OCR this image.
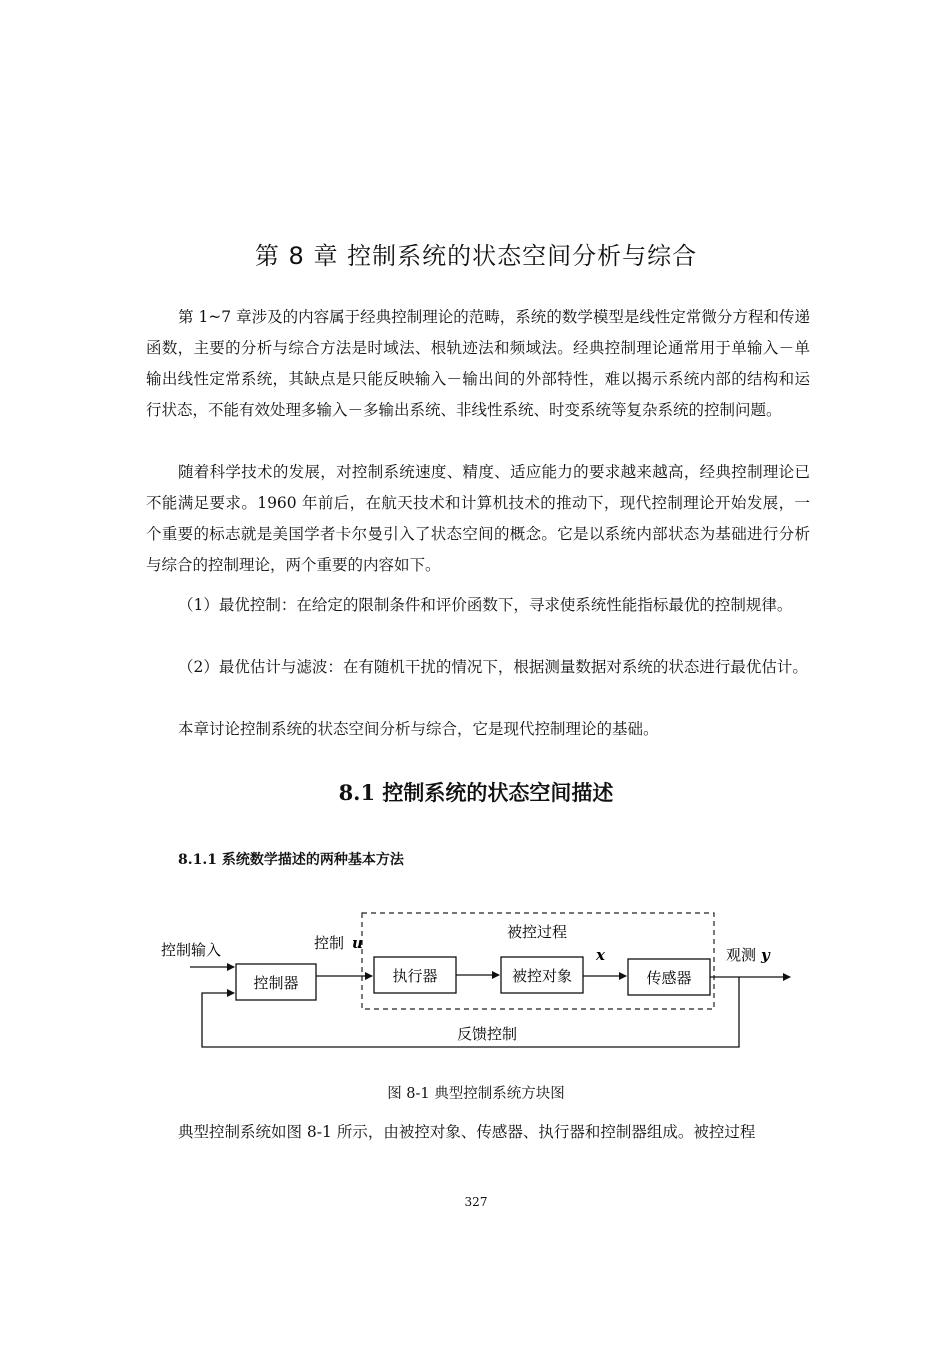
第 8 章 控制系统的状态空间分析与综合

第 1~7 章涉及的内容属于经典控制理论的范畴，系统的数学模型是线性定常微分方程和传递函数，主要的分析与综合方法是时域法、根轨迹法和频域法。经典控制理论通常用于单输入－单输出线性定常系统，其缺点是只能反映输入－输出间的外部特性，难以揭示系统内部的结构和运行状态，不能有效处理多输入－多输出系统、非线性系统、时变系统等复杂系统的控制问题。

随着科学技术的发展，对控制系统速度、精度、适应能力的要求越来越高，经典控制理论已不能满足要求。1960 年前后，在航天技术和计算机技术的推动下，现代控制理论开始发展，一个重要的标志就是美国学者卡尔曼引入了状态空间的概念。它是以系统内部状态为基础进行分析与综合的控制理论，两个重要的内容如下。

（1）最优控制：在给定的限制条件和评价函数下，寻求使系统性能指标最优的控制规律。

（2）最优估计与滤波：在有随机干扰的情况下，根据测量数据对系统的状态进行最优估计。

本章讨论控制系统的状态空间分析与综合，它是现代控制理论的基础。

8.1 控制系统的状态空间描述
8.1.1 系统数学描述的两种基本方法
控制器	执行器	被控对象	传感器
控制输入	控制 u
被控过程
x	观测 y
反馈控制
图 8-1 典型控制系统方块图

典型控制系统如图 8-1 所示，由被控对象、传感器、执行器和控制器组成。被控过程

327
